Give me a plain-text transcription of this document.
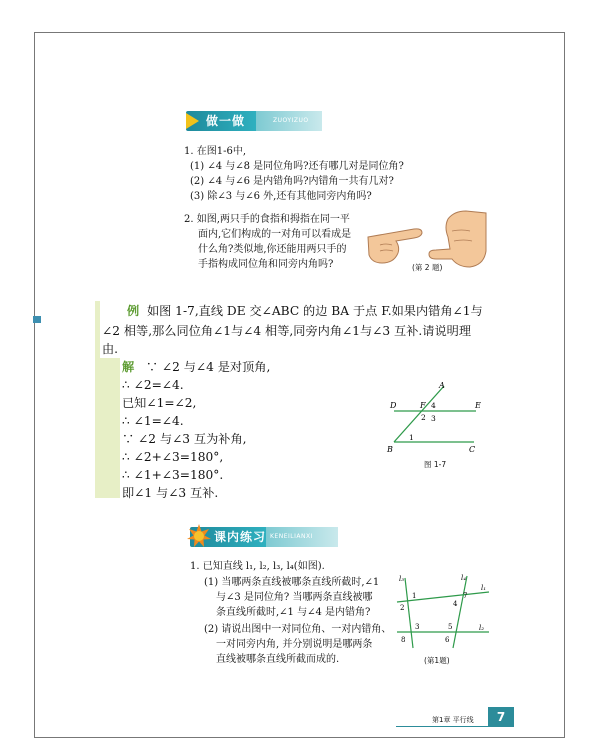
做一做	ZUOYIZUO
1. 在图1-6中,
(1) ∠4 与∠8 是同位角吗?还有哪几对是同位角?
(2) ∠4 与∠6 是内错角吗?内错角一共有几对?
(3) 除∠3 与∠6 外,还有其他同旁内角吗?
2. 如图,两只手的食指和拇指在同一平
面内,它们构成的一对角可以看成是
什么角?类似地,你还能用两只手的
手指构成同位角和同旁内角吗?	(第 2 题)
例 如图 1-7,直线 DE 交∠ABC 的边 BA 于点 F.如果内错角∠1与
∠2 相等,那么同位角∠1与∠4 相等,同旁内角∠1与∠3 互补.请说明理
由.
解 ∵ ∠2 与∠4 是对顶角,
∴ ∠2=∠4.
已知∠1=∠2,
∴ ∠1=∠4.
∵ ∠2 与∠3 互为补角,
∴ ∠2+∠3=180°,
∴ ∠1+∠3=180°.
即∠1 与∠3 互补.
A
B	C
D	E
F
1
2 3
4
图 1-7
课内练习 KENEILIANXI
1. 已知直线 l₁, l₂, l₃, l₄(如图).
(1) 当哪两条直线被哪条直线所截时,∠1
与∠3 是同位角? 当哪两条直线被哪
条直线所截时,∠1 与∠4 是内错角?
(2) 请说出图中一对同位角、一对内错角、
一对同旁内角, 并分别说明是哪两条
直线被哪条直线所截而成的.
l₃	l₄
l₁
l₂
1
2
3
4
5
6
7
8
(第1题)
第1章 平行线	7
